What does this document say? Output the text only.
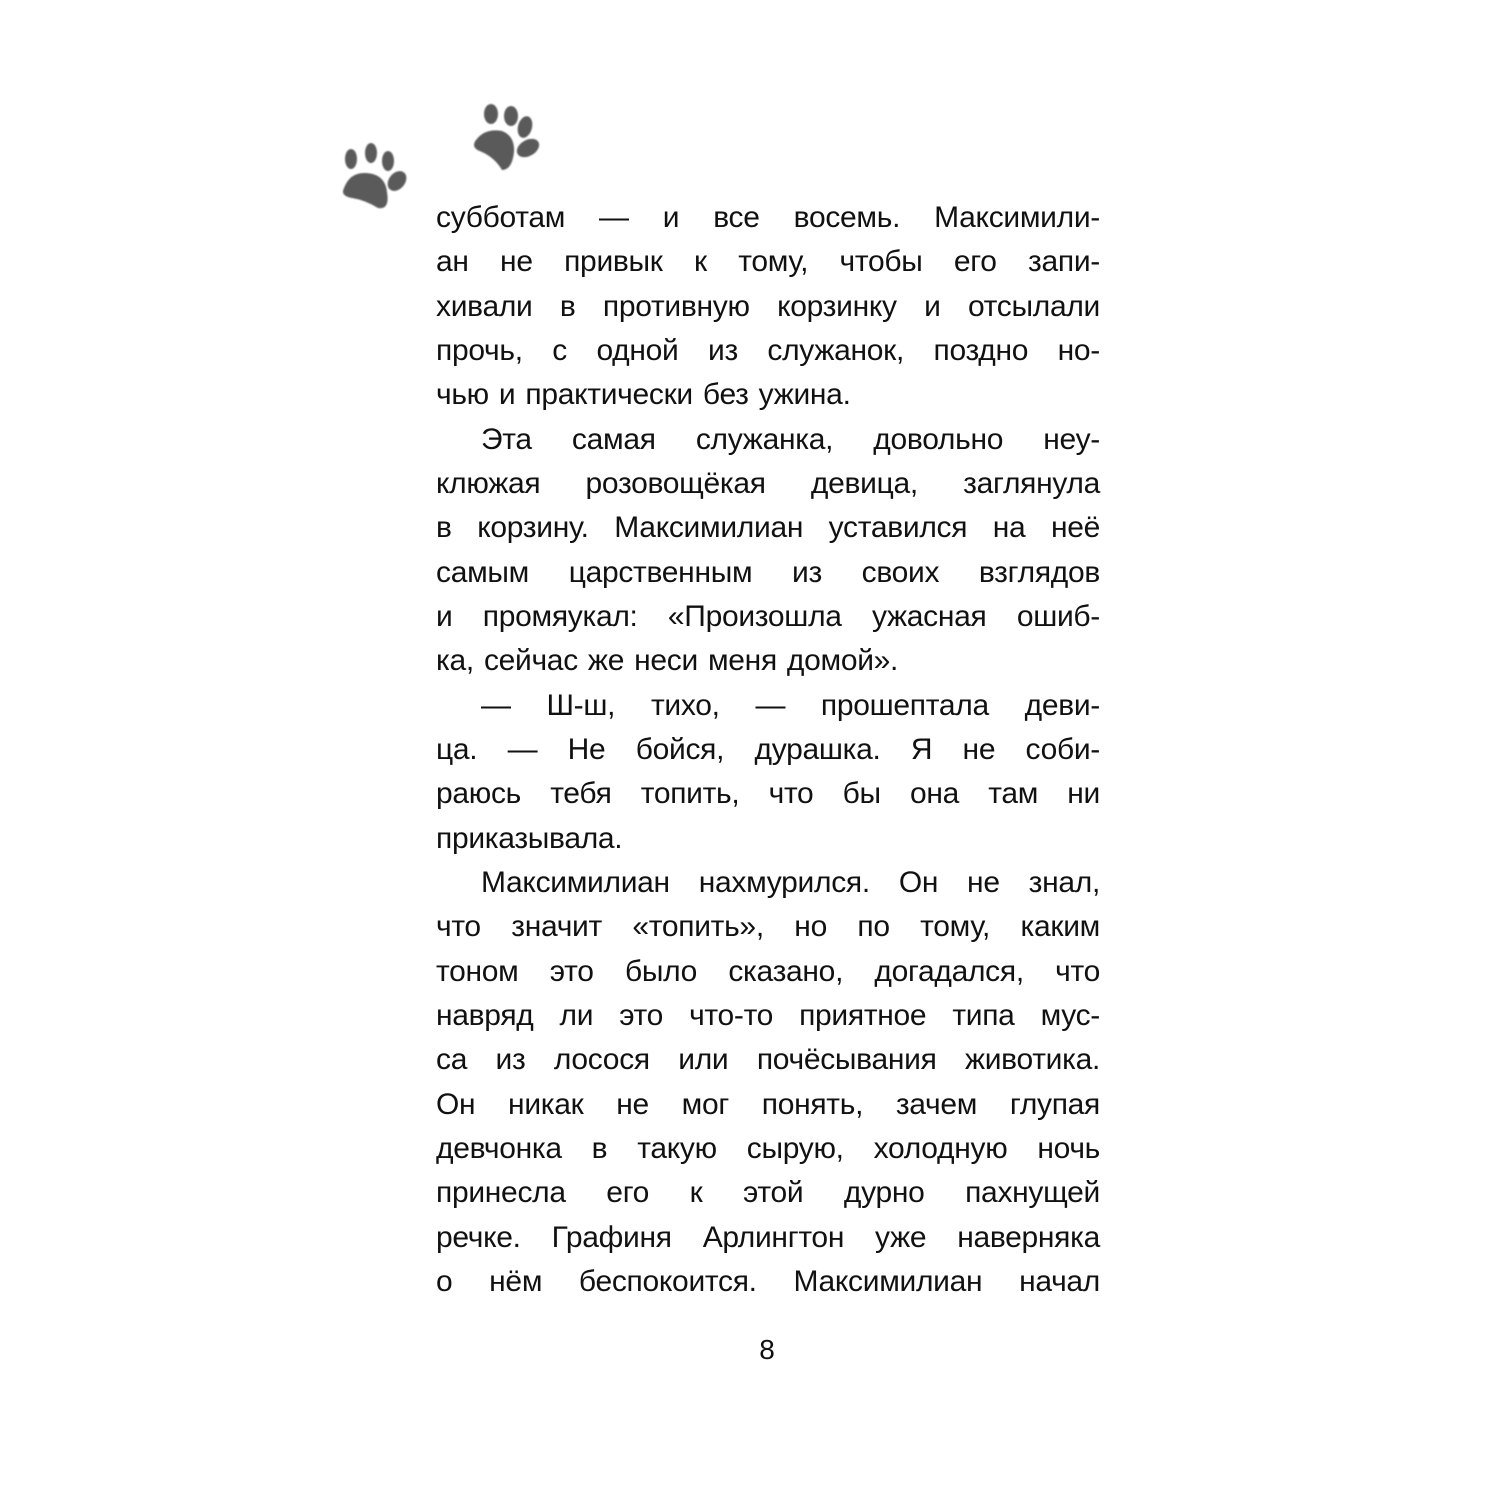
субботам — и все восемь. Максимили-
ан не привык к тому, чтобы его запи-
хивали в противную корзинку и отсылали
прочь, с одной из служанок, поздно но-
чью и практически без ужина.
Эта самая служанка, довольно неу-
клюжая розовощёкая девица, заглянула
в корзину. Максимилиан уставился на неё
самым царственным из своих взглядов
и промяукал: «Произошла ужасная ошиб-
ка, сейчас же неси меня домой».
— Ш-ш, тихо, — прошептала деви-
ца. — Не бойся, дурашка. Я не соби-
раюсь тебя топить, что бы она там ни
приказывала.
Максимилиан нахмурился. Он не знал,
что значит «топить», но по тому, каким
тоном это было сказано, догадался, что
навряд ли это что-то приятное типа мус-
са из лосося или почёсывания животика.
Он никак не мог понять, зачем глупая
девчонка в такую сырую, холодную ночь
принесла его к этой дурно пахнущей
речке. Графиня Арлингтон уже наверняка
о нём беспокоится. Максимилиан начал
8
